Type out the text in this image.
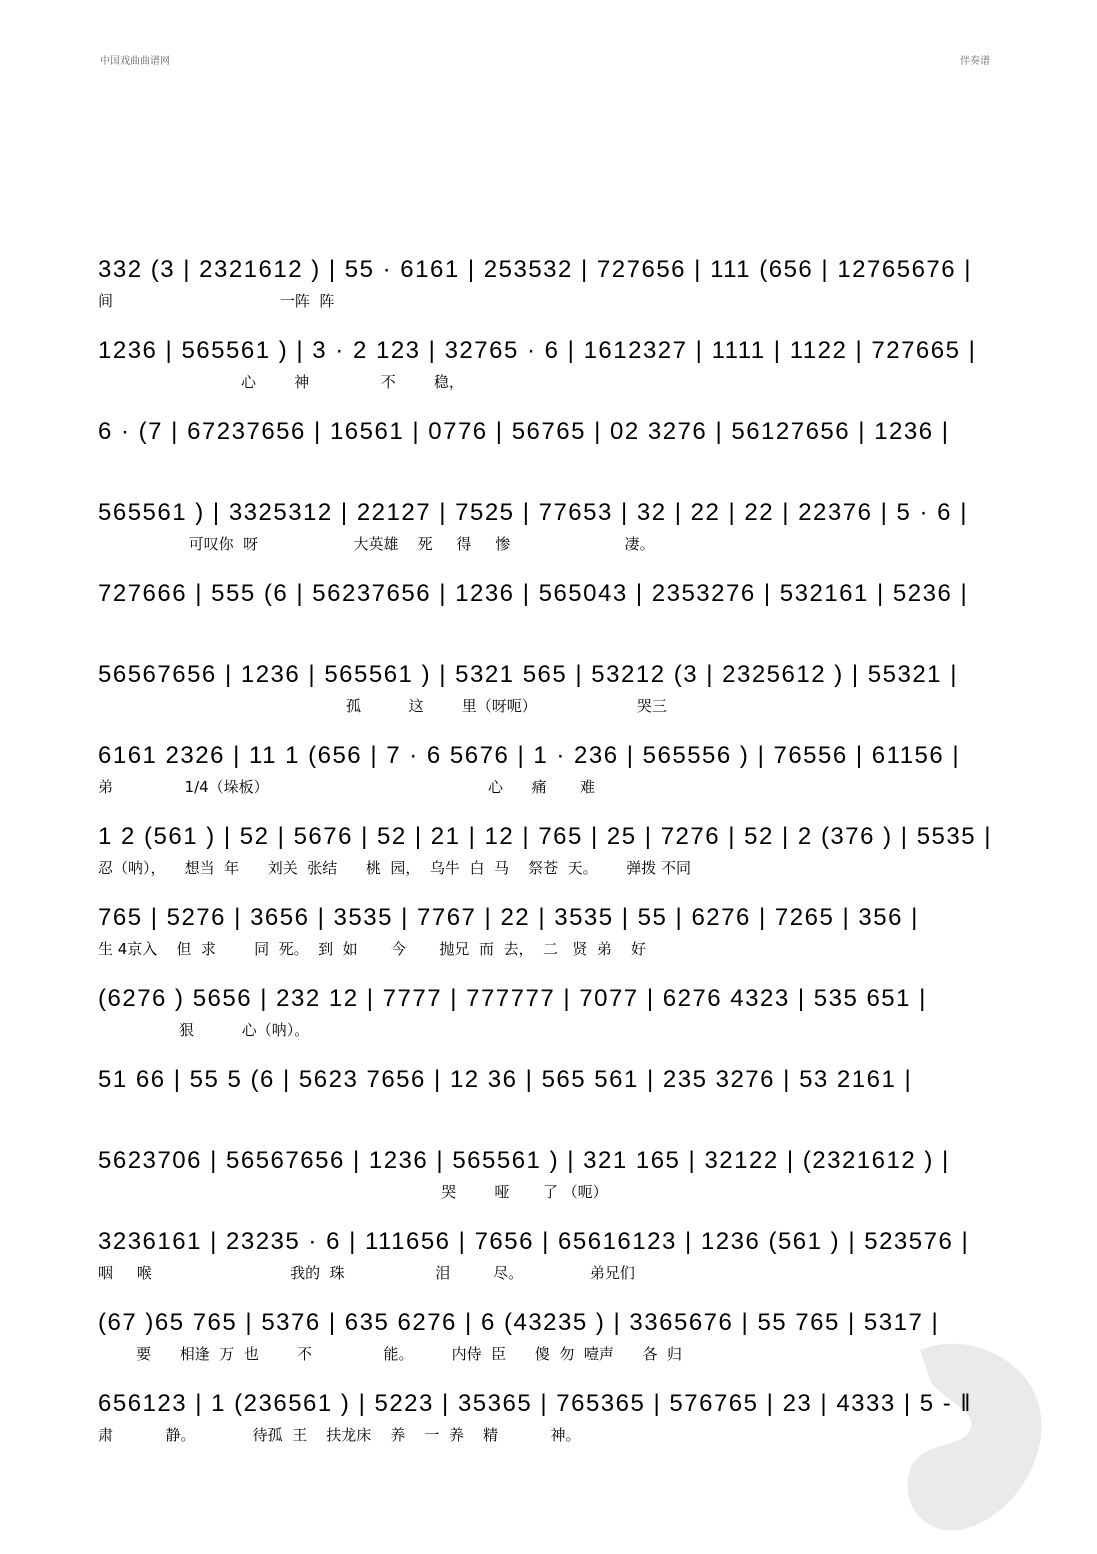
中国戏曲曲谱网	伴奏谱
332 (3 | 2321612 ) | 55 · 6161 | 253532 | 727656 | 111 (656 | 12765676 |
间                                   一阵  阵
1236 | 565561 ) | 3 · 2 123 | 32765 · 6 | 1612327 | 1111 | 1122 | 727665 |
心        神               不        稳，
6 · (7 | 67237656 | 16561 | 0776 | 56765 | 02 3276 | 56127656 | 1236 |
565561 ) | 3325312 | 22127 | 7525 | 77653 | 32 | 22 | 22 | 22376 | 5 · 6 |
可叹你  呀                    大英雄    死     得     惨                        凄。
727666 | 555 (6 | 56237656 | 1236 | 565043 | 2353276 | 532161 | 5236 |
56567656 | 1236 | 565561 ) | 5321 565 | 53212 (3 | 2325612 ) | 55321 |
孤          这        里（呀呃）                     哭三
6161 2326 | 11 1 (656 | 7 · 6 5676 | 1 · 236 | 565556 ) | 76556 | 61156 |
弟               1/4（垛板）                                              心      痛       难
1 2 (561 ) | 52 | 5676 | 52 | 21 | 12 | 765 | 25 | 7276 | 52 | 2 (376 ) | 5535 |
忍（呐），    想当  年      刘关  张结      桃  园，  乌牛  白  马    祭苍  天。      弹拨 不同
765 | 5276 | 3656 | 3535 | 7767 | 22 | 3535 | 55 | 6276 | 7265 | 356 |
生 4京入    但  求        同  死。  到  如       今       抛兄  而  去，  二   贤  弟    好
(6276 ) 5656 | 232 12 | 7777 | 777777 | 7077 | 6276 4323 | 535 651 |
狠          心（呐）。
51 66 | 55 5 (6 | 5623 7656 | 12 36 | 565 561 | 235 3276 | 53 2161 |
5623706 | 56567656 | 1236 | 565561 ) | 321 165 | 32122 | (2321612 ) |
哭        哑       了 （呃）
3236161 | 23235 · 6 | 111656 | 7656 | 65616123 | 1236 (561 ) | 523576 |
咽     喉                             我的  珠                   泪         尽。              弟兄们
(67 )65 765 | 5376 | 635 6276 | 6 (43235 ) | 3365676 | 55 765 | 5317 |
要      相逢  万  也        不               能。        内侍  臣      傻  勿  噎声      各  归
656123 | 1 (236561 ) | 5223 | 35365 | 765365 | 576765 | 23 | 4333 | 5 - ‖
肃           静。            待孤  王    扶龙床    养    一  养    精           神。
